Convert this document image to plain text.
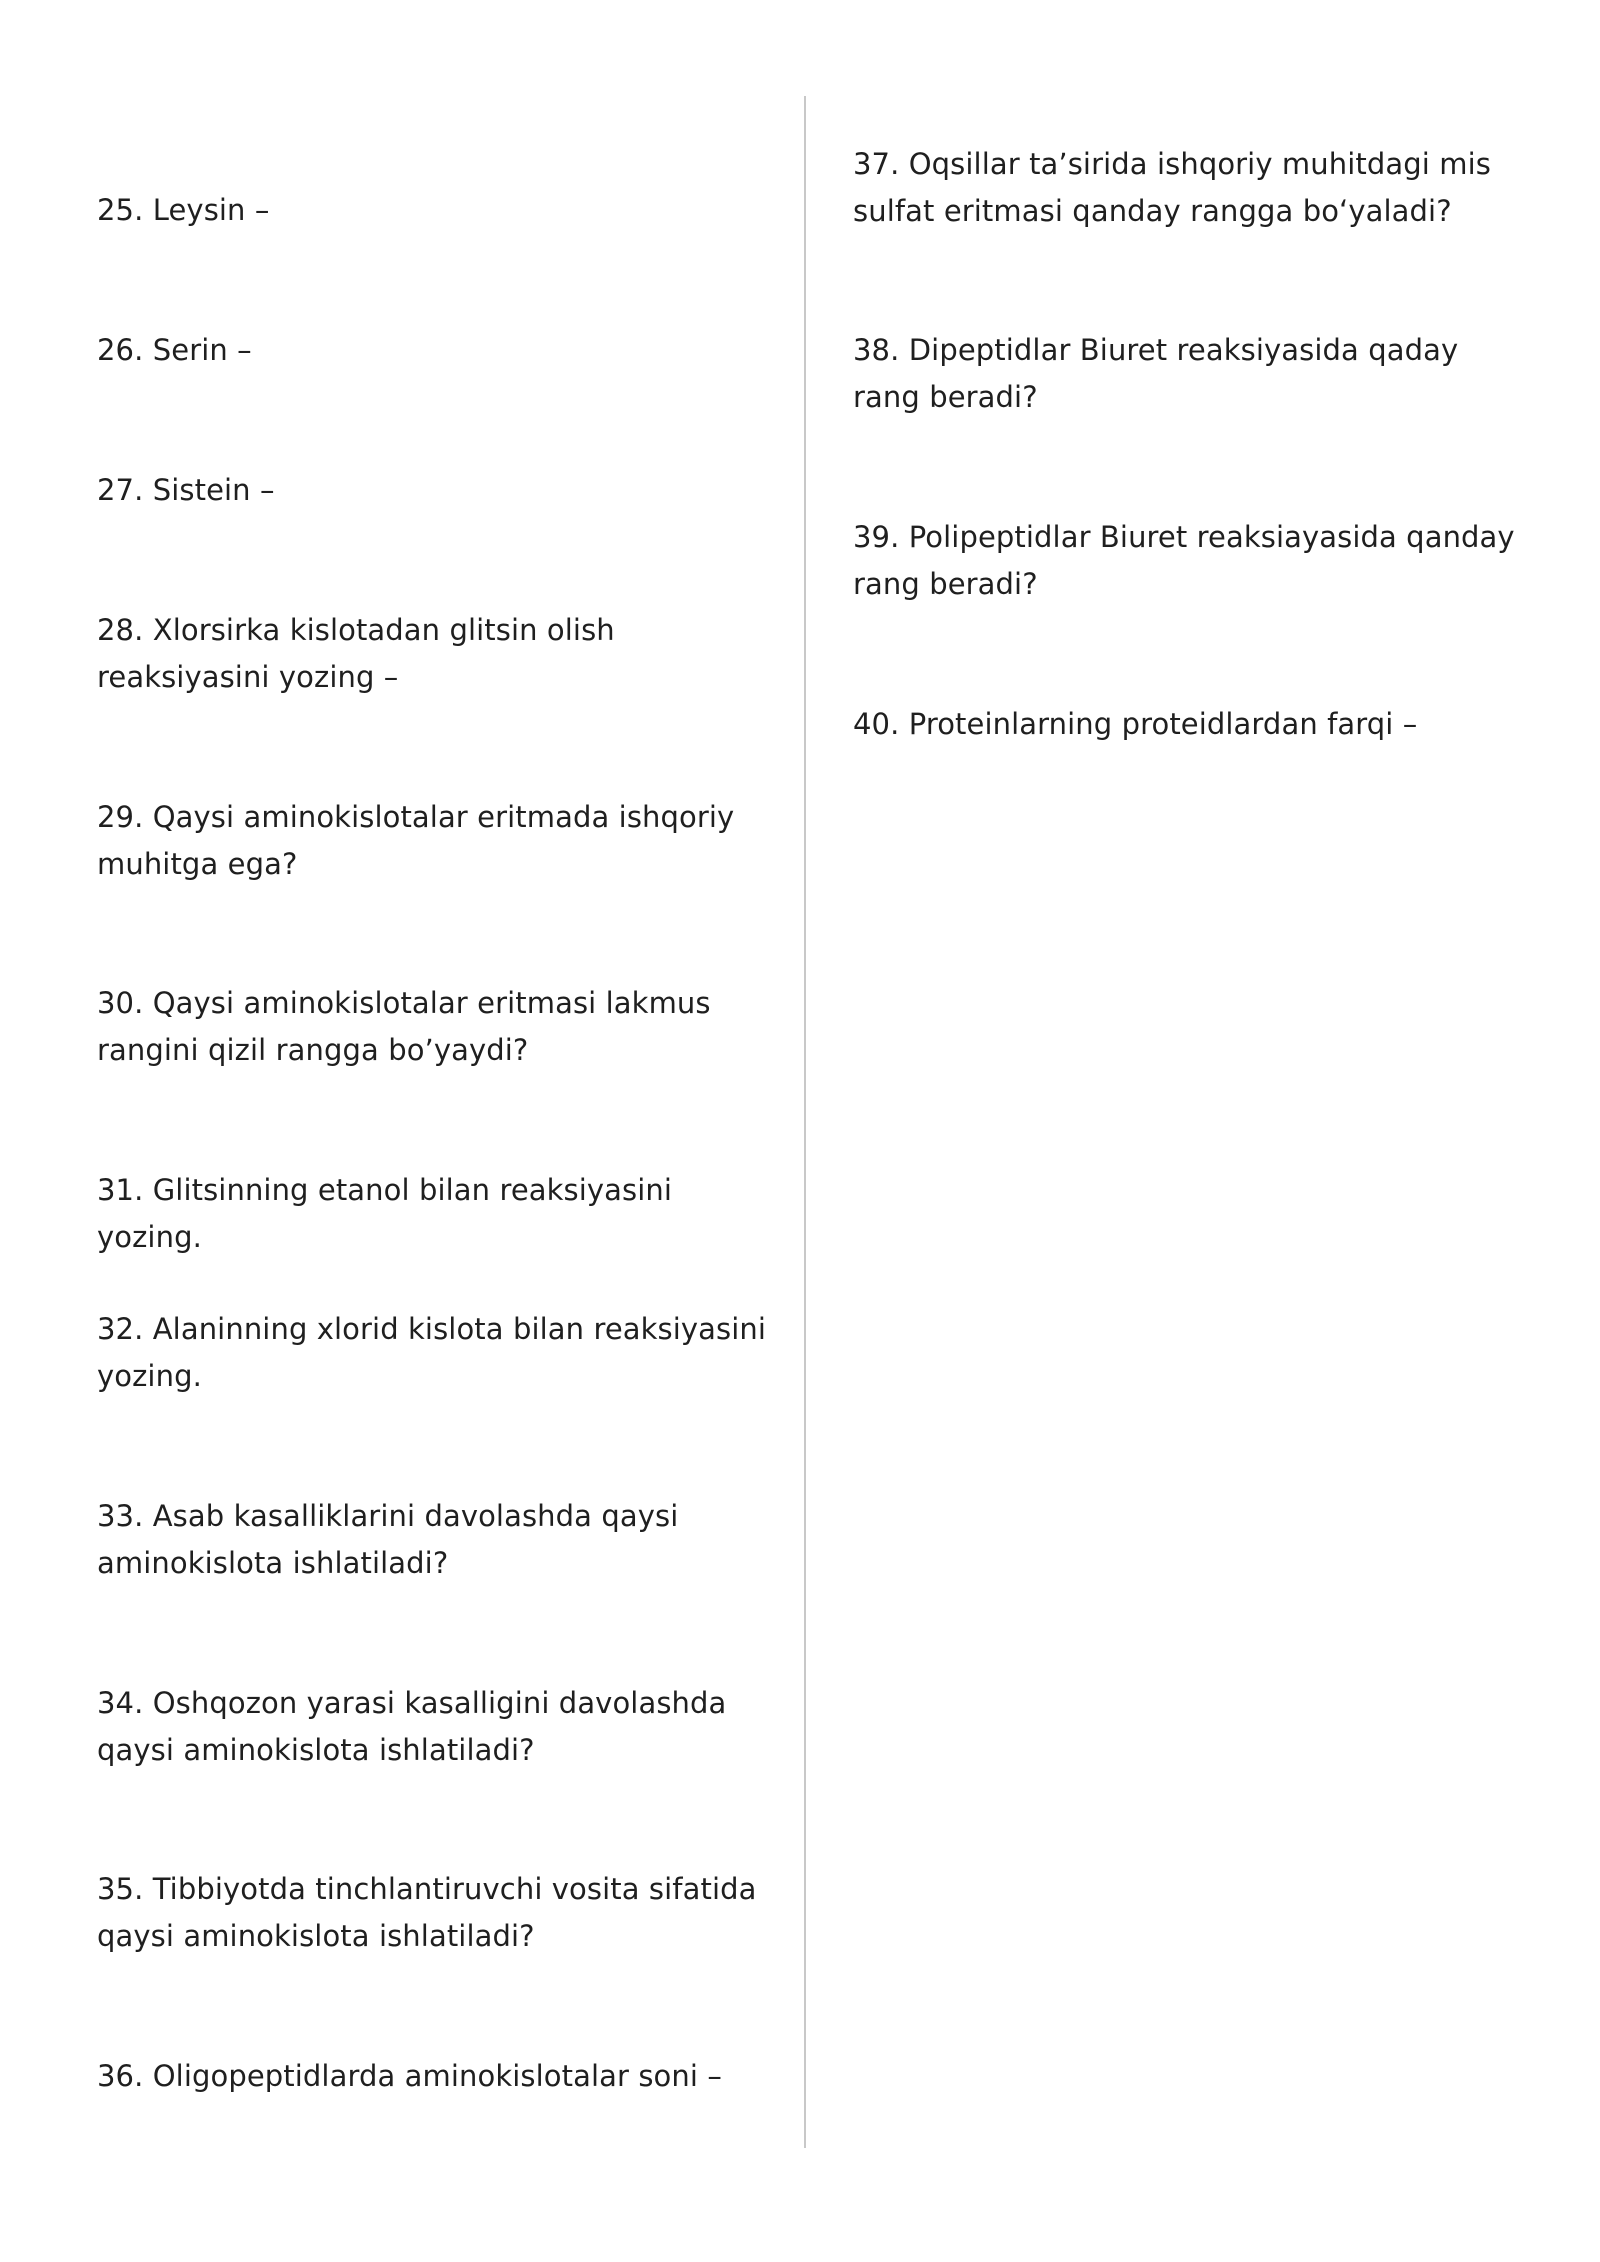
25. Leysin –

26. Serin –

27. Sistein –

28. Xlorsirka kislotadan glitsin olish reaksiyasini yozing –

29. Qaysi aminokislotalar eritmada ishqoriy muhitga ega?

30. Qaysi aminokislotalar eritmasi lakmus rangini qizil rangga bo’yaydi?

31. Glitsinning etanol bilan reaksiyasini yozing.

32. Alaninning xlorid kislota bilan reaksiyasini yozing.

33. Asab kasalliklarini davolashda qaysi aminokislota ishlatiladi?

34. Oshqozon yarasi kasalligini davolashda qaysi aminokislota ishlatiladi?

35. Tibbiyotda tinchlantiruvchi vosita sifatida qaysi aminokislota ishlatiladi?

36. Oligopeptidlarda aminokislotalar soni –

37. Oqsillar ta’sirida ishqoriy muhitdagi mis sulfat eritmasi qanday rangga bo‘yaladi?

38. Dipeptidlar Biuret reaksiyasida qaday rang beradi?

39. Polipeptidlar Biuret reaksiayasida qanday rang beradi?

40. Proteinlarning proteidlardan farqi –
